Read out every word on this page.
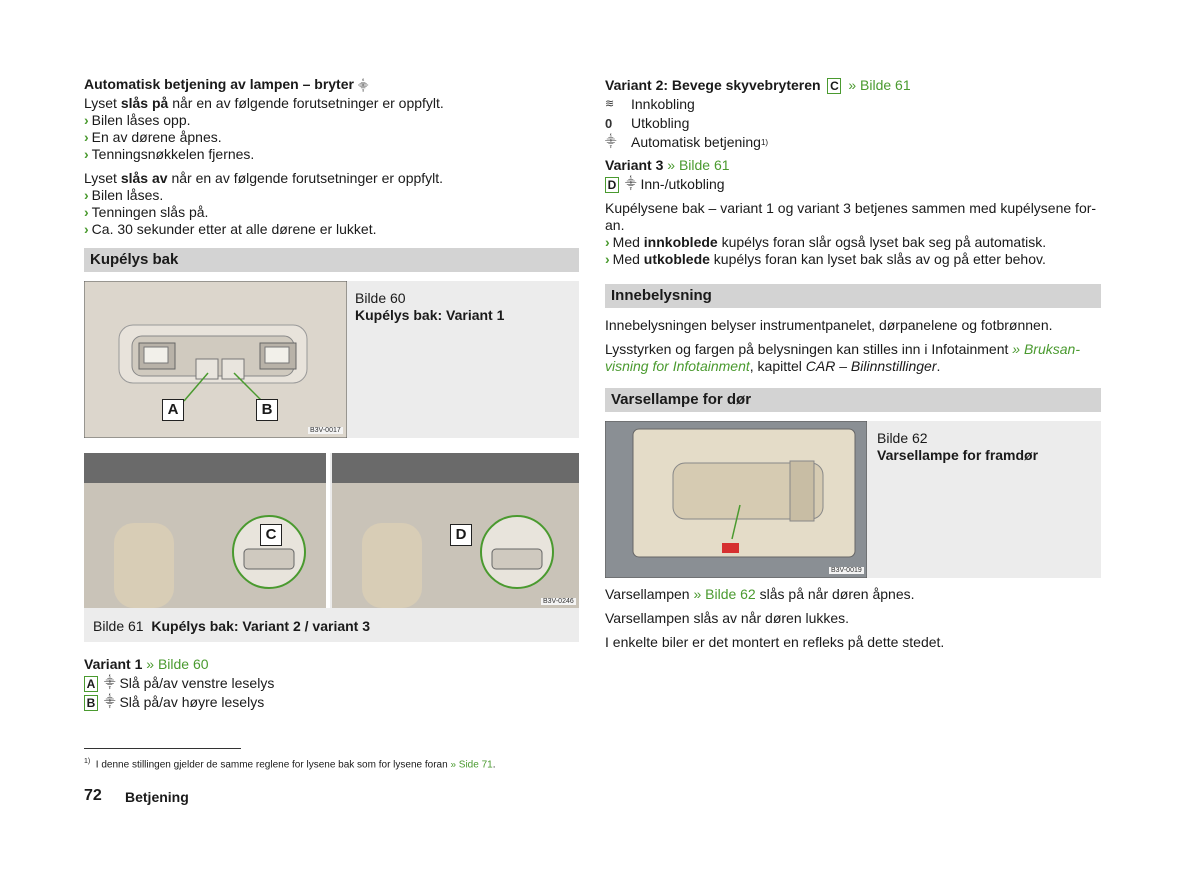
Automatisk betjening av lampen – bryter ⸎

Lyset slås på når en av følgende forutsetninger er oppfylt.

› Bilen låses opp.

› En av dørene åpnes.

› Tenningsnøkkelen fjernes.

Lyset slås av når en av følgende forutsetninger er oppfylt.

› Bilen låses.

› Tenningen slås på.

› Ca. 30 sekunder etter at alle dørene er lukket.

Kupélys bak
A	B
B3V-0017
Bilde 60
Kupélys bak: Variant 1
C	D
B3V-0246
Bilde 61 Kupélys bak: Variant 2 / variant 3

Variant 1 » Bilde 60

A ⸎ Slå på/av venstre leselys
B ⸎ Slå på/av høyre leselys

Variant 2: Bevege skyvebryteren C » Bilde 61

≋	Innkobling
0	Utkobling
⸎	Automatisk betjening 1)

Variant 3 » Bilde 61

D ⸎ Inn-/utkobling

Kupélysene bak – variant 1 og variant 3 betjenes sammen med kupélysene for-an.

› Med innkoblede kupélys foran slår også lyset bak seg på automatisk.

› Med utkoblede kupélys foran kan lyset bak slås av og på etter behov.

Innebelysning

Innebelysningen belyser instrumentpanelet, dørpanelene og fotbrønnen.

Lysstyrken og fargen på belysningen kan stilles inn i Infotainment » Bruksan-visning for Infotainment, kapittel CAR – Bilinnstillinger.

Varsellampe for dør
B3V-0019
Bilde 62
Varsellampe for framdør

Varsellampen » Bilde 62 slås på når døren åpnes.

Varsellampen slås av når døren lukkes.

I enkelte biler er det montert en refleks på dette stedet.

$^{1)}$ I denne stillingen gjelder de samme reglene for lysene bak som for lysene foran » Side 71.
72 Betjening
